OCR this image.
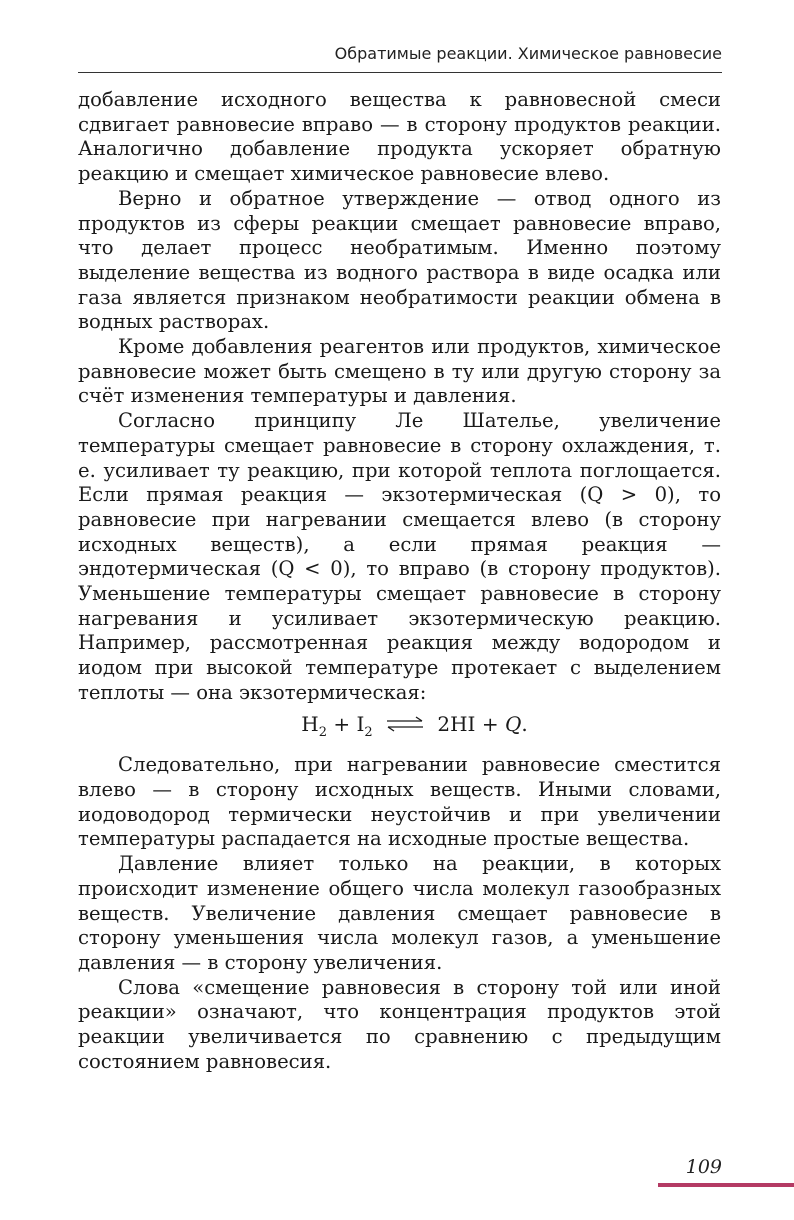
Обратимые реакции. Химическое равновесие

добавление исходного вещества к равновесной смеси сдвигает равновесие вправо — в сторону продуктов реакции. Аналогично добавление продукта ускоряет обратную реакцию и смещает химическое равновесие влево.

Верно и обратное утверждение — отвод одного из продуктов из сферы реакции смещает равновесие вправо, что делает процесс необратимым. Именно поэтому выделение вещества из водного раствора в виде осадка или газа является признаком необратимости реакции обмена в водных растворах.

Кроме добавления реагентов или продуктов, химическое равновесие может быть смещено в ту или другую сторону за счёт изменения температуры и давления.

Согласно принципу Ле Шателье, увеличение температуры смещает равновесие в сторону охлаждения, т. е. усиливает ту реакцию, при которой теплота поглощается. Если прямая реакция — экзотермическая (Q > 0), то равновесие при нагревании смещается влево (в сторону исходных веществ), а если прямая реакция — эндотермическая (Q < 0), то вправо (в сторону продуктов). Уменьшение температуры смещает равновесие в сторону нагревания и усиливает экзотермическую реакцию. Например, рассмотренная реакция между водородом и иодом при высокой температуре протекает с выделением теплоты — она экзотермическая:

$H_2 + I_2$ ⇌ 2HI + Q.

Следовательно, при нагревании равновесие сместится влево — в сторону исходных веществ. Иными словами, иодоводород термически неустойчив и при увеличении температуры распадается на исходные простые вещества.

Давление влияет только на реакции, в которых происходит изменение общего числа молекул газообразных веществ. Увеличение давления смещает равновесие в сторону уменьшения числа молекул газов, а уменьшение давления — в сторону увеличения.

Слова «смещение равновесия в сторону той или иной реакции» означают, что концентрация продуктов этой реакции увеличивается по сравнению с предыдущим состоянием равновесия.

109
